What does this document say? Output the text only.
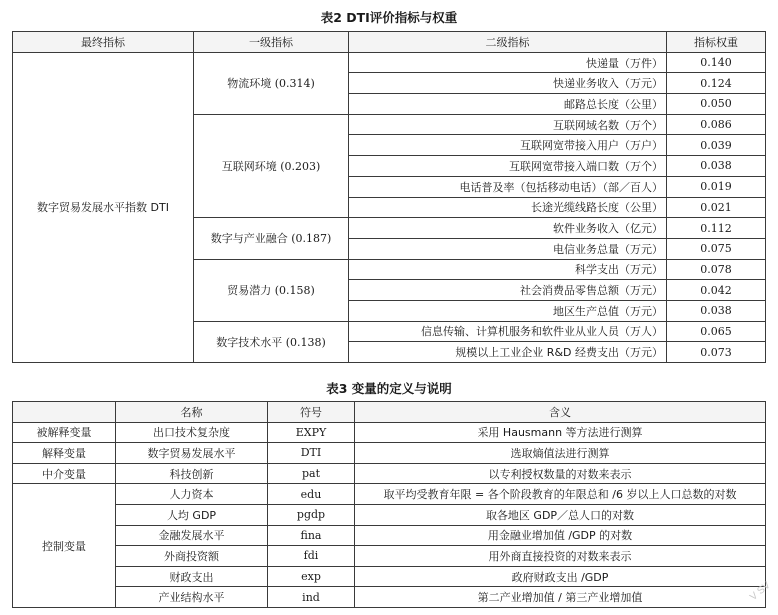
表2 DTI评价指标与权重
最终指标	一级指标	二级指标	指标权重
数字贸易发展水平指数 DTI	物流环境 (0.314)	快递量（万件）	0.140
		快递业务收入（万元）	0.124
		邮路总长度（公里）	0.050
	互联网环境 (0.203)	互联网域名数（万个）	0.086
		互联网宽带接入用户（万户）	0.039
		互联网宽带接入端口数（万个）	0.038
		电话普及率（包括移动电话）（部／百人）	0.019
		长途光缆线路长度（公里）	0.021
	数字与产业融合 (0.187)	软件业务收入（亿元）	0.112
		电信业务总量（万元）	0.075
	贸易潜力 (0.158)	科学支出（万元）	0.078
		社会消费品零售总额（万元）	0.042
		地区生产总值（万元）	0.038
	数字技术水平 (0.138)	信息传输、计算机服务和软件业从业人员（万人）	0.065
		规模以上工业企业 R&D 经费支出（万元）	0.073
表3 变量的定义与说明
	名称	符号	含义
被解释变量	出口技术复杂度	EXPY	采用 Hausmann 等方法进行测算
解释变量	数字贸易发展水平	DTI	选取熵值法进行测算
中介变量	科技创新	pat	以专利授权数量的对数来表示
控制变量	人力资本	edu	取平均受教育年限 = 各个阶段教育的年限总和 /6 岁以上人口总数的对数
	人均 GDP	pgdp	取各地区 GDP／总人口的对数
	金融发展水平	fina	用金融业增加值 /GDP 的对数
	外商投资额	fdi	用外商直接投资的对数来表示
	财政支出	exp	政府财政支出 /GDP
	产业结构水平	ind	第二产业增加值 / 第三产业增加值	V SV
